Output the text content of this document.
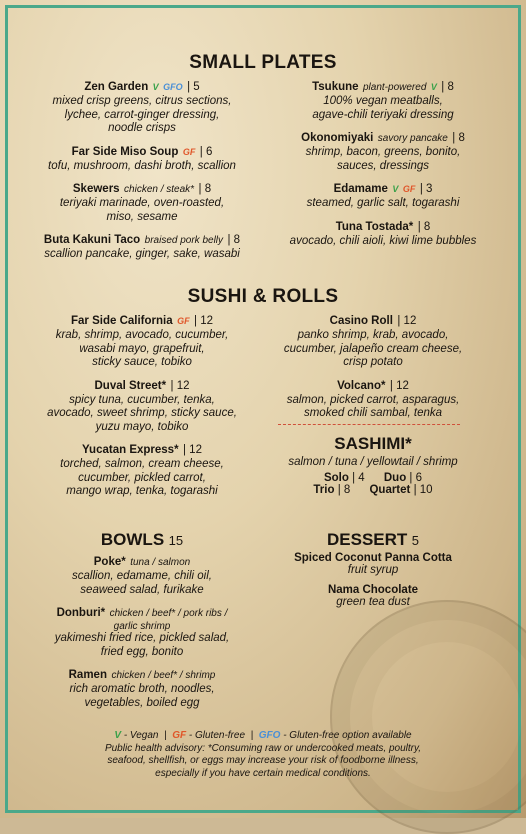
SMALL PLATES
Zen Garden V GFO | 5
mixed crisp greens, citrus sections,
lychee, carrot-ginger dressing,
noodle crisps
Far Side Miso Soup GF | 6
tofu, mushroom, dashi broth, scallion
Skewers chicken / steak* | 8
teriyaki marinade, oven-roasted,
miso, sesame
Buta Kakuni Taco braised pork belly | 8
scallion pancake, ginger, sake, wasabi
Tsukune plant-powered V | 8
100% vegan meatballs,
agave-chili teriyaki dressing
Okonomiyaki savory pancake | 8
shrimp, bacon, greens, bonito,
sauces, dressings
Edamame V GF | 3
steamed, garlic salt, togarashi
Tuna Tostada* | 8
avocado, chili aioli, kiwi lime bubbles
SUSHI & ROLLS
Far Side California GF | 12
krab, shrimp, avocado, cucumber,
wasabi mayo, grapefruit,
sticky sauce, tobiko
Duval Street* | 12
spicy tuna, cucumber, tenka,
avocado, sweet shrimp, sticky sauce,
yuzu mayo, tobiko
Yucatan Express* | 12
torched, salmon, cream cheese,
cucumber, pickled carrot,
mango wrap, tenka, togarashi
Casino Roll | 12
panko shrimp, krab, avocado,
cucumber, jalapeño cream cheese,
crisp potato
Volcano* | 12
salmon, picked carrot, asparagus,
smoked chili sambal, tenka
SASHIMI*
salmon / tuna / yellowtail / shrimp
Solo | 4 Duo | 6
Trio | 8 Quartet | 10
BOWLS 15
Poke* tuna / salmon
scallion, edamame, chili oil,
seaweed salad, furikake
Donburi* chicken / beef* / pork ribs /
garlic shrimp
yakimeshi fried rice, pickled salad,
fried egg, bonito
Ramen chicken / beef* / shrimp
rich aromatic broth, noodles,
vegetables, boiled egg
DESSERT 5
Spiced Coconut Panna Cotta
fruit syrup
Nama Chocolate
green tea dust
V - Vegan | GF - Gluten-free | GFO - Gluten-free option available
Public health advisory: *Consuming raw or undercooked meats, poultry,
seafood, shellfish, or eggs may increase your risk of foodborne illness,
especially if you have certain medical conditions.
